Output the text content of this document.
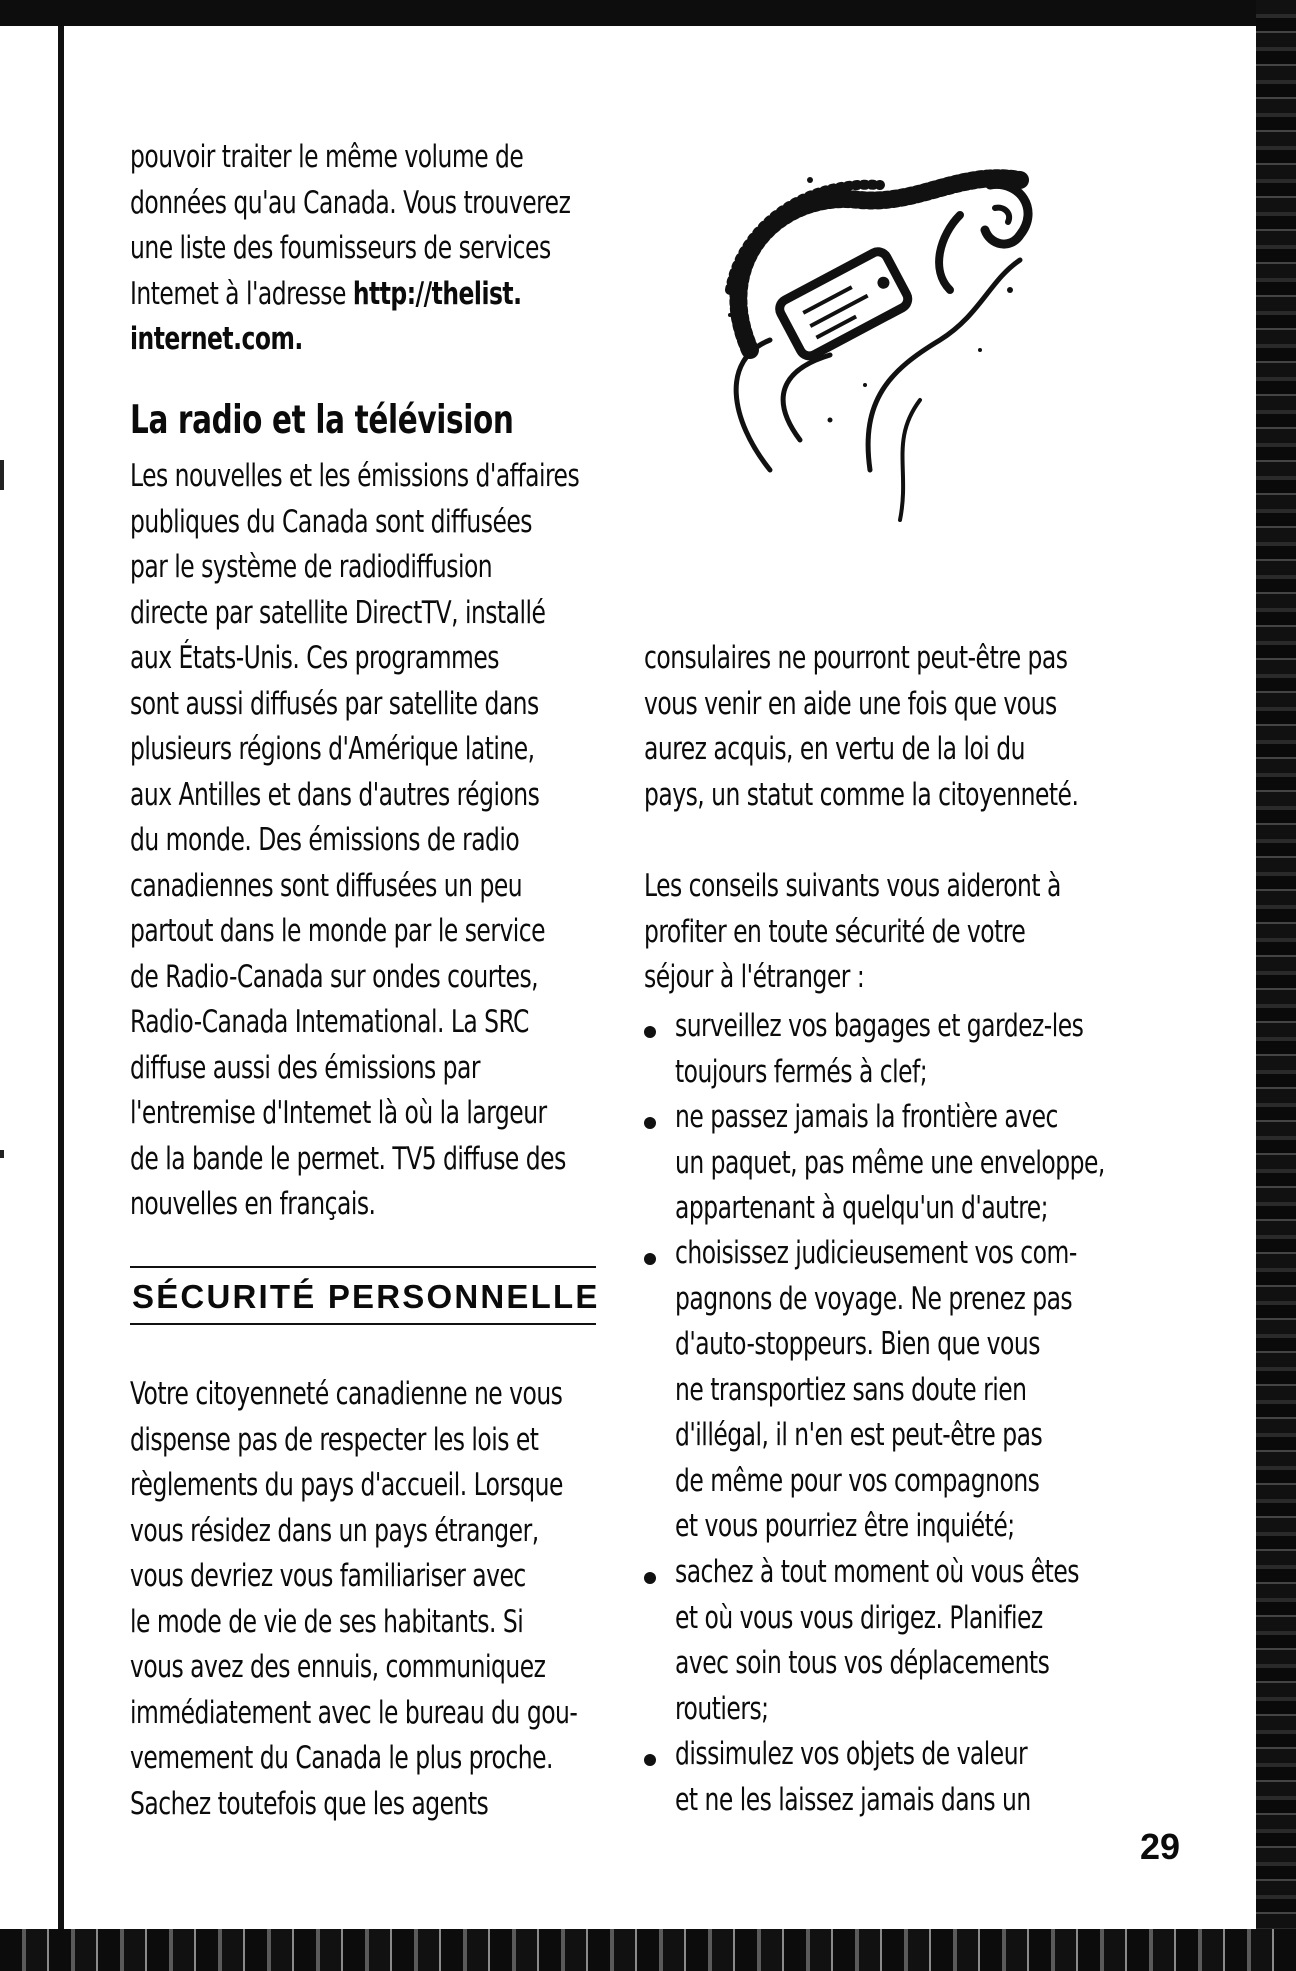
pouvoir traiter le même volume de
données qu'au Canada. Vous trouverez
une liste des foumisseurs de services
Intemet à l'adresse http://thelist.
internet.com.
La radio et la télévision
Les nouvelles et les émissions d'affaires
publiques du Canada sont diffusées
par le système de radiodiffusion
directe par satellite DirectTV, installé
aux États-Unis. Ces programmes
sont aussi diffusés par satellite dans
plusieurs régions d'Amérique latine,
aux Antilles et dans d'autres régions
du monde. Des émissions de radio
canadiennes sont diffusées un peu
partout dans le monde par le service
de Radio-Canada sur ondes courtes,
Radio-Canada Intemational. La SRC
diffuse aussi des émissions par
l'entremise d'Intemet là où la largeur
de la bande le permet. TV5 diffuse des
nouvelles en français.
SÉCURITÉ PERSONNELLE
Votre citoyenneté canadienne ne vous
dispense pas de respecter les lois et
règlements du pays d'accueil. Lorsque
vous résidez dans un pays étranger,
vous devriez vous familiariser avec
le mode de vie de ses habitants. Si
vous avez des ennuis, communiquez
immédiatement avec le bureau du gou-
vemement du Canada le plus proche.
Sachez toutefois que les agents
consulaires ne pourront peut-être pas
vous venir en aide une fois que vous
aurez acquis, en vertu de la loi du
pays, un statut comme la citoyenneté.
Les conseils suivants vous aideront à
profiter en toute sécurité de votre
séjour à l'étranger :
surveillez vos bagages et gardez-les
toujours fermés à clef;
ne passez jamais la frontière avec
un paquet, pas même une enveloppe,
appartenant à quelqu'un d'autre;
choisissez judicieusement vos com-
pagnons de voyage. Ne prenez pas
d'auto-stoppeurs. Bien que vous
ne transportiez sans doute rien
d'illégal, il n'en est peut-être pas
de même pour vos compagnons
et vous pourriez être inquiété;
sachez à tout moment où vous êtes
et où vous vous dirigez. Planifiez
avec soin tous vos déplacements
routiers;
dissimulez vos objets de valeur
et ne les laissez jamais dans un
29
